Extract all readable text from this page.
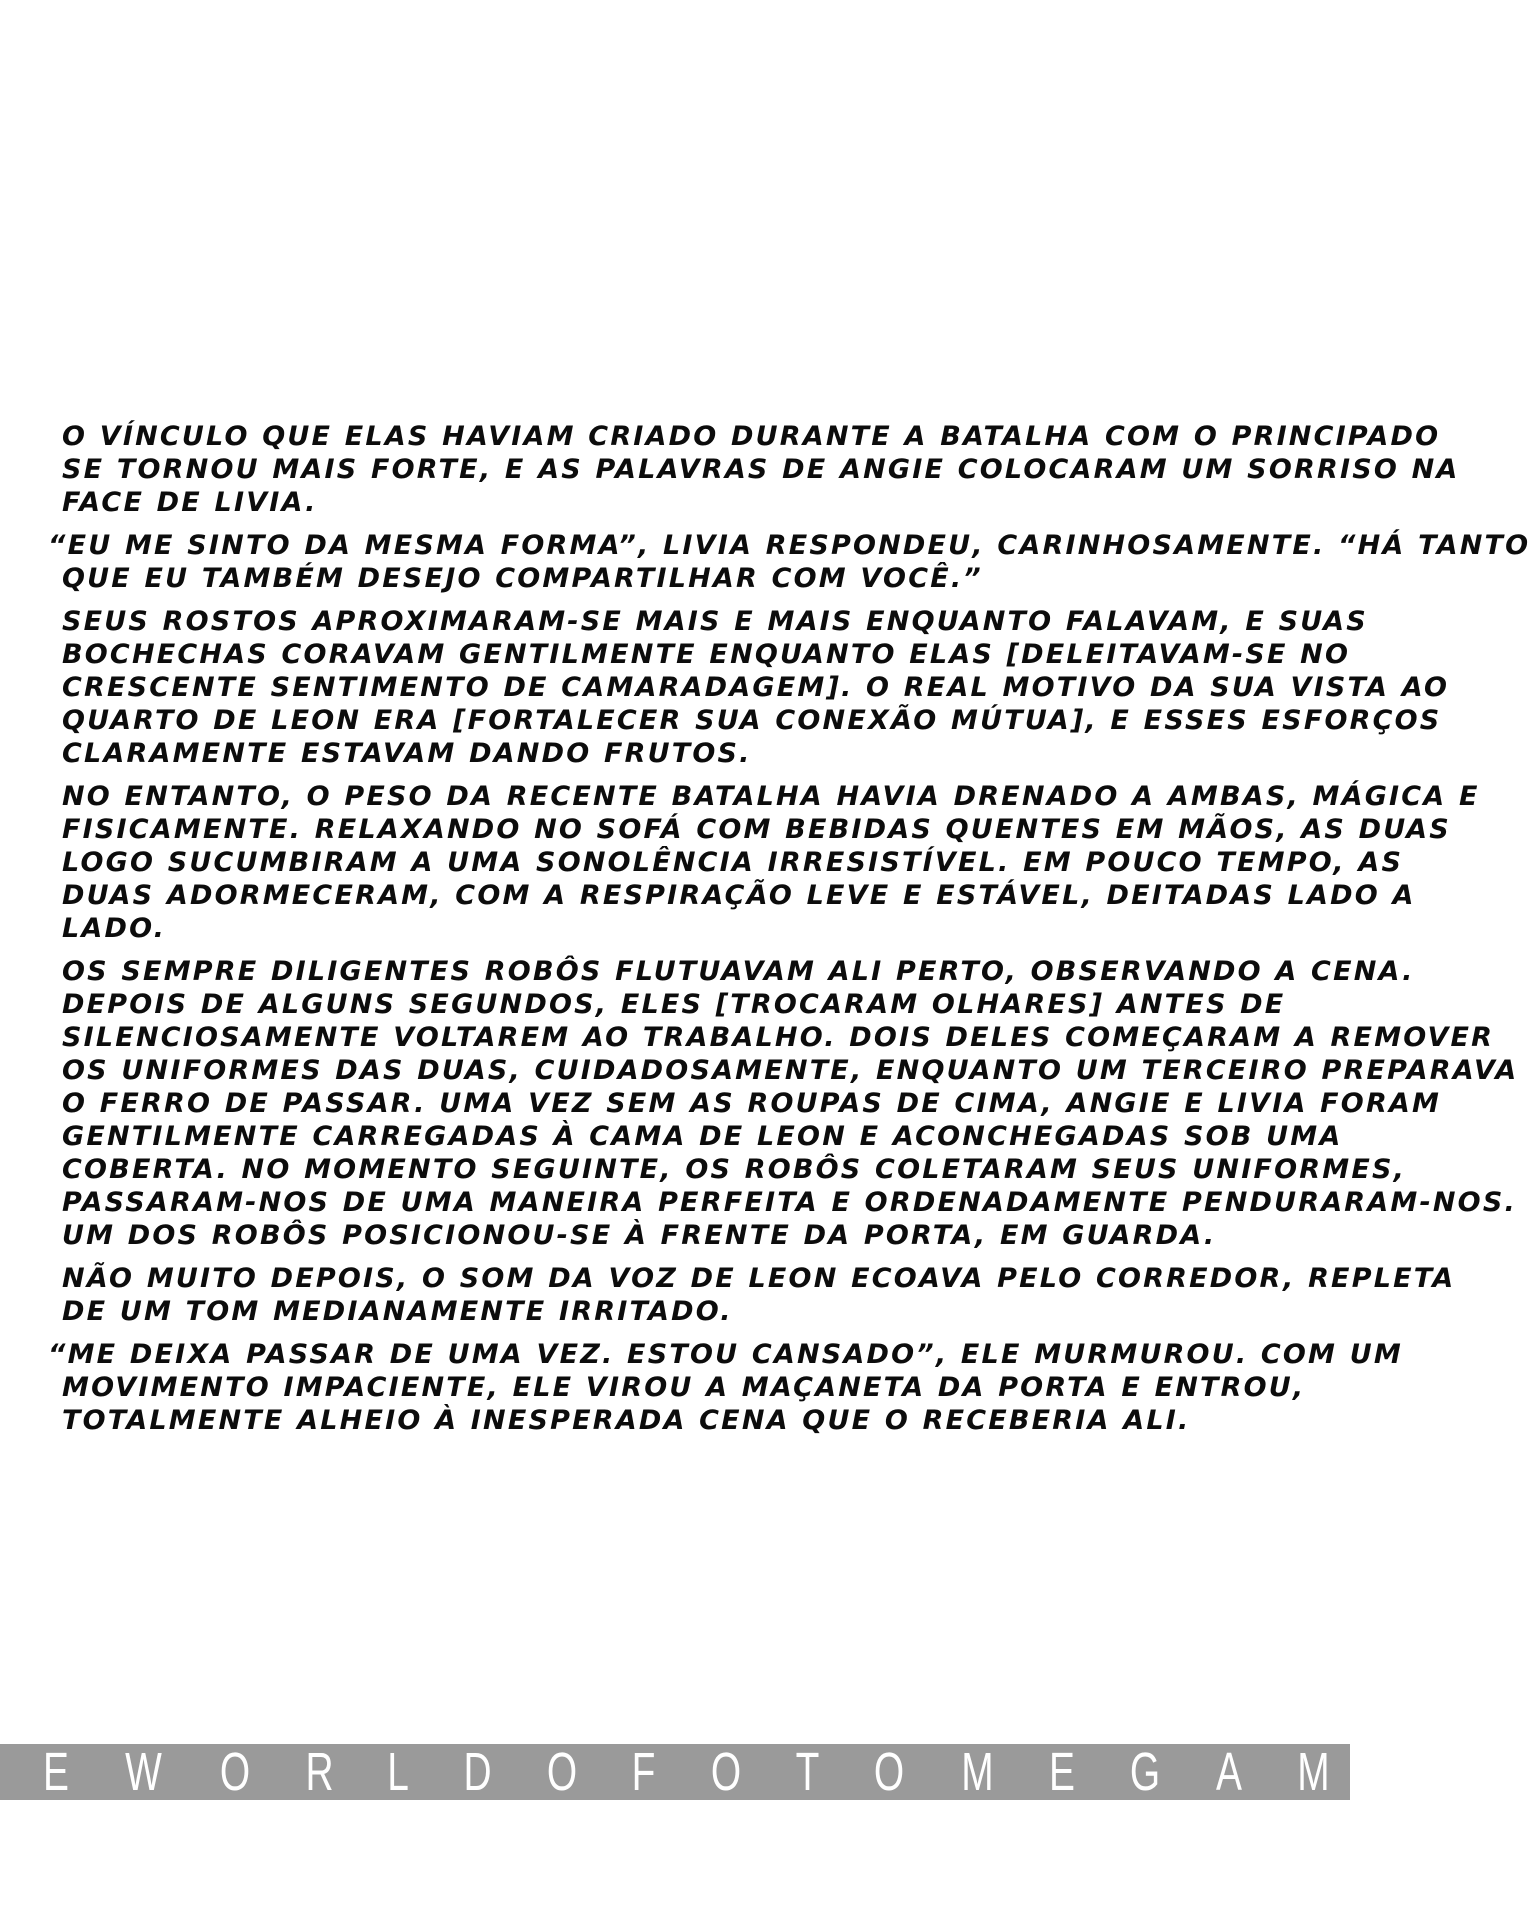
O VÍNCULO QUE ELAS HAVIAM CRIADO DURANTE A BATALHA COM O PRINCIPADO
SE TORNOU MAIS FORTE, E AS PALAVRAS DE ANGIE COLOCARAM UM SORRISO NA
FACE DE LIVIA.

“EU ME SINTO DA MESMA FORMA”, LIVIA RESPONDEU, CARINHOSAMENTE. “HÁ TANTO
QUE EU TAMBÉM DESEJO COMPARTILHAR COM VOCÊ.”

SEUS ROSTOS APROXIMARAM-SE MAIS E MAIS ENQUANTO FALAVAM, E SUAS
BOCHECHAS CORAVAM GENTILMENTE ENQUANTO ELAS [DELEITAVAM-SE NO
CRESCENTE SENTIMENTO DE CAMARADAGEM]. O REAL MOTIVO DA SUA VISTA AO
QUARTO DE LEON ERA [FORTALECER SUA CONEXÃO MÚTUA], E ESSES ESFORÇOS
CLARAMENTE ESTAVAM DANDO FRUTOS.

NO ENTANTO, O PESO DA RECENTE BATALHA HAVIA DRENADO A AMBAS, MÁGICA E
FISICAMENTE. RELAXANDO NO SOFÁ COM BEBIDAS QUENTES EM MÃOS, AS DUAS
LOGO SUCUMBIRAM A UMA SONOLÊNCIA IRRESISTÍVEL. EM POUCO TEMPO, AS
DUAS ADORMECERAM, COM A RESPIRAÇÃO LEVE E ESTÁVEL, DEITADAS LADO A
LADO.

OS SEMPRE DILIGENTES ROBÔS FLUTUAVAM ALI PERTO, OBSERVANDO A CENA.
DEPOIS DE ALGUNS SEGUNDOS, ELES [TROCARAM OLHARES] ANTES DE
SILENCIOSAMENTE VOLTAREM AO TRABALHO. DOIS DELES COMEÇARAM A REMOVER
OS UNIFORMES DAS DUAS, CUIDADOSAMENTE, ENQUANTO UM TERCEIRO PREPARAVA
O FERRO DE PASSAR. UMA VEZ SEM AS ROUPAS DE CIMA, ANGIE E LIVIA FORAM
GENTILMENTE CARREGADAS À CAMA DE LEON E ACONCHEGADAS SOB UMA
COBERTA. NO MOMENTO SEGUINTE, OS ROBÔS COLETARAM SEUS UNIFORMES,
PASSARAM-NOS DE UMA MANEIRA PERFEITA E ORDENADAMENTE PENDURARAM-NOS.
UM DOS ROBÔS POSICIONOU-SE À FRENTE DA PORTA, EM GUARDA.

NÃO MUITO DEPOIS, O SOM DA VOZ DE LEON ECOAVA PELO CORREDOR, REPLETA
DE UM TOM MEDIANAMENTE IRRITADO.

“ME DEIXA PASSAR DE UMA VEZ. ESTOU CANSADO”, ELE MURMUROU. COM UM
MOVIMENTO IMPACIENTE, ELE VIROU A MAÇANETA DA PORTA E ENTROU,
TOTALMENTE ALHEIO À INESPERADA CENA QUE O RECEBERIA ALI.

E W O R L D O F O T O M E G A M
